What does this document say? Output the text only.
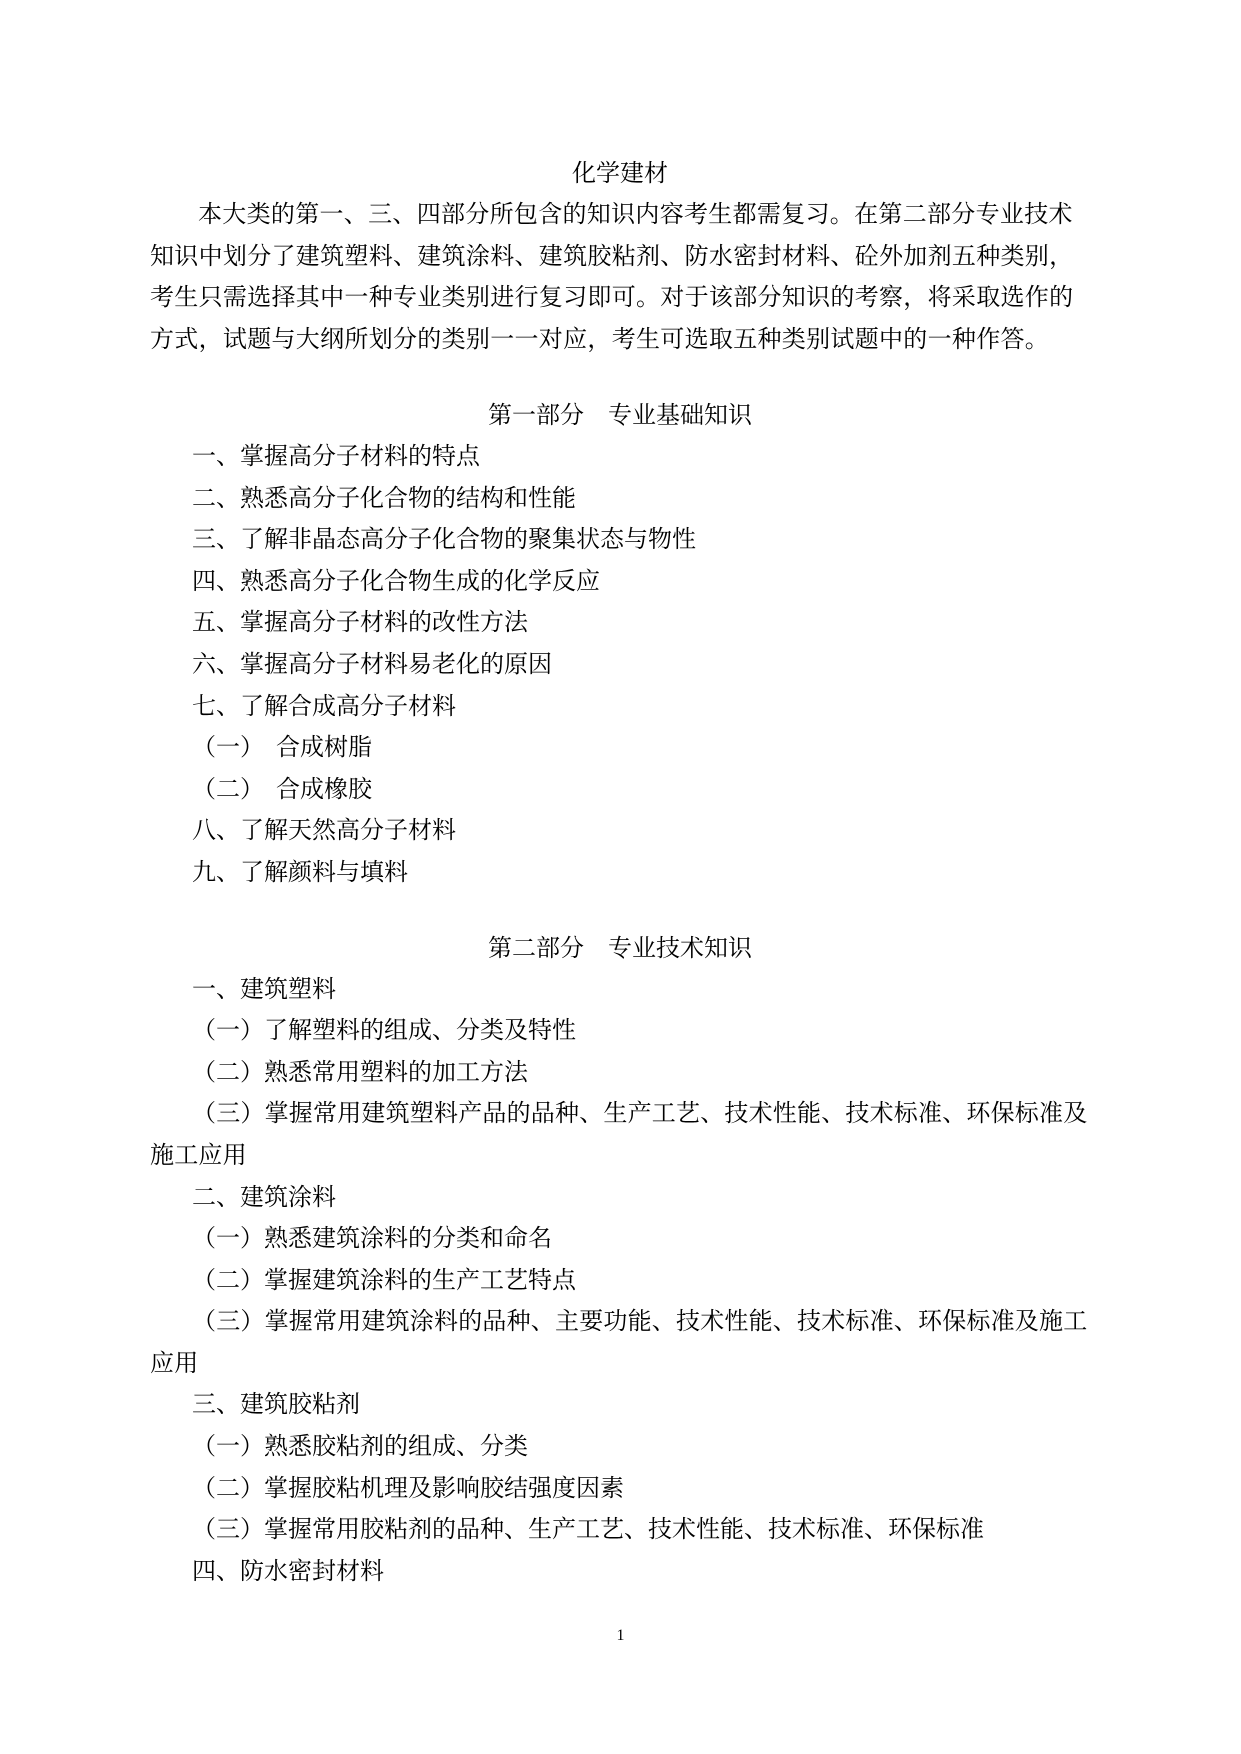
化学建材

本大类的第一、三、四部分所包含的知识内容考生都需复习。在第二部分专业技术知识中划分了建筑塑料、建筑涂料、建筑胶粘剂、防水密封材料、砼外加剂五种类别，考生只需选择其中一种专业类别进行复习即可。对于该部分知识的考察，将采取选作的方式，试题与大纲所划分的类别一一对应，考生可选取五种类别试题中的一种作答。

第一部分　专业基础知识

一、掌握高分子材料的特点

二、熟悉高分子化合物的结构和性能

三、了解非晶态高分子化合物的聚集状态与物性

四、熟悉高分子化合物生成的化学反应

五、掌握高分子材料的改性方法

六、掌握高分子材料易老化的原因

七、了解合成高分子材料

（一）　合成树脂

（二）　合成橡胶

八、了解天然高分子材料

九、了解颜料与填料

第二部分　专业技术知识

一、建筑塑料

（一）了解塑料的组成、分类及特性

（二）熟悉常用塑料的加工方法

（三）掌握常用建筑塑料产品的品种、生产工艺、技术性能、技术标准、环保标准及施工应用

二、建筑涂料

（一）熟悉建筑涂料的分类和命名

（二）掌握建筑涂料的生产工艺特点

（三）掌握常用建筑涂料的品种、主要功能、技术性能、技术标准、环保标准及施工应用

三、建筑胶粘剂

（一）熟悉胶粘剂的组成、分类

（二）掌握胶粘机理及影响胶结强度因素

（三）掌握常用胶粘剂的品种、生产工艺、技术性能、技术标准、环保标准

四、防水密封材料

1
